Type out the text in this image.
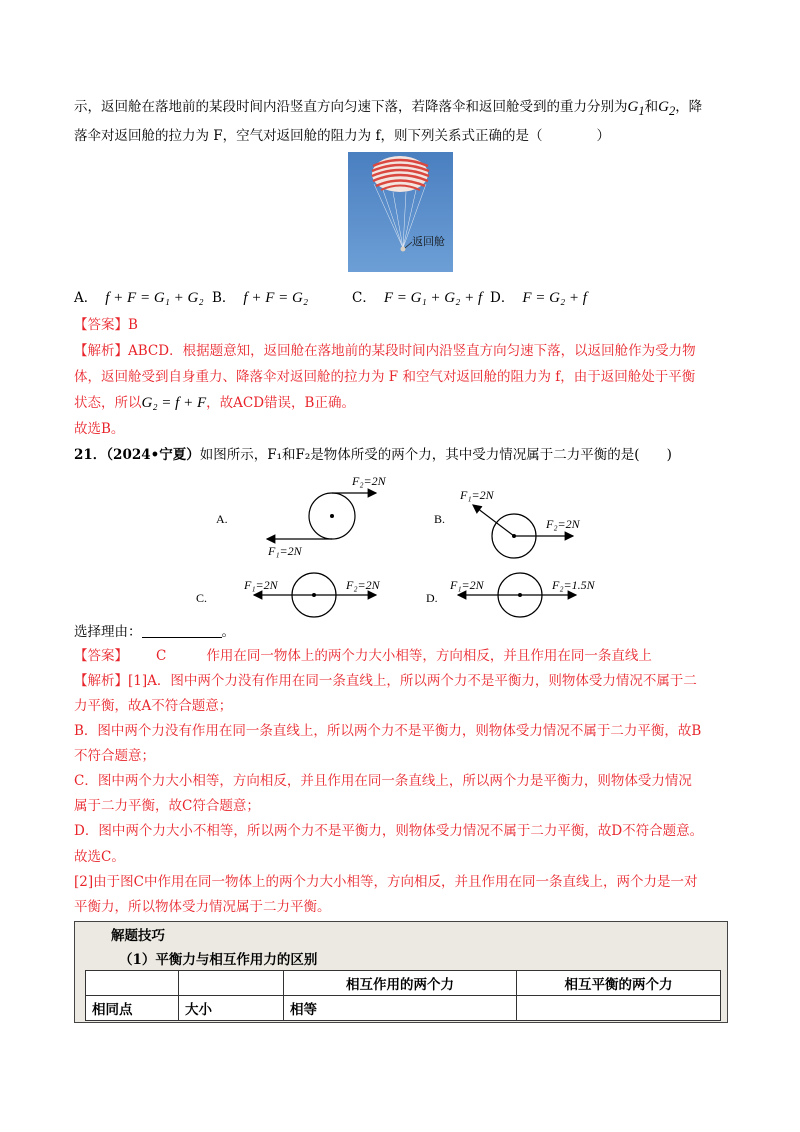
示，返回舱在落地前的某段时间内沿竖直方向匀速下落，若降落伞和返回舱受到的重力分别为$G_1$和$G_2$，降
落伞对返回舱的拉力为 F，空气对返回舱的阻力为 f，则下列关系式正确的是（　　　　）
返回舱
A． f + F = G₁ + G₂ B． f + F = G₂	C． F = G₁ + G₂ + f D． F = G₂ + f
【答案】B
【解析】ABCD．根据题意知，返回舱在落地前的某段时间内沿竖直方向匀速下落，以返回舱作为受力物
体，返回舱受到自身重力、降落伞对返回舱的拉力为 F 和空气对返回舱的阻力为 f，由于返回舱处于平衡
状态，所以G₂ = f + F，故ACD错误，B正确。
故选B。
21．（2024•宁夏）如图所示，F₁和F₂是物体所受的两个力，其中受力情况属于二力平衡的是(　　)
A.
F₂=2N
F₁=2N
B.
F₁=2N
F₂=2N
C.
F₁=2N	F₂=2N
D.
F₁=2N	F₂=1.5N
选择理由：	。
【答案】 C	作用在同一物体上的两个力大小相等，方向相反，并且作用在同一条直线上
【解析】[1]A．图中两个力没有作用在同一条直线上，所以两个力不是平衡力，则物体受力情况不属于二
力平衡，故A不符合题意；
B．图中两个力没有作用在同一条直线上，所以两个力不是平衡力，则物体受力情况不属于二力平衡，故B
不符合题意；
C．图中两个力大小相等，方向相反，并且作用在同一条直线上，所以两个力是平衡力，则物体受力情况
属于二力平衡，故C符合题意；
D．图中两个力大小不相等，所以两个力不是平衡力，则物体受力情况不属于二力平衡，故D不符合题意。
故选C。
[2]由于图C中作用在同一物体上的两个力大小相等，方向相反，并且作用在同一条直线上，两个力是一对
平衡力，所以物体受力情况属于二力平衡。
解题技巧
（1）平衡力与相互作用力的区别
		相互作用的两个力	相互平衡的两个力
相同点	大小	相等	
